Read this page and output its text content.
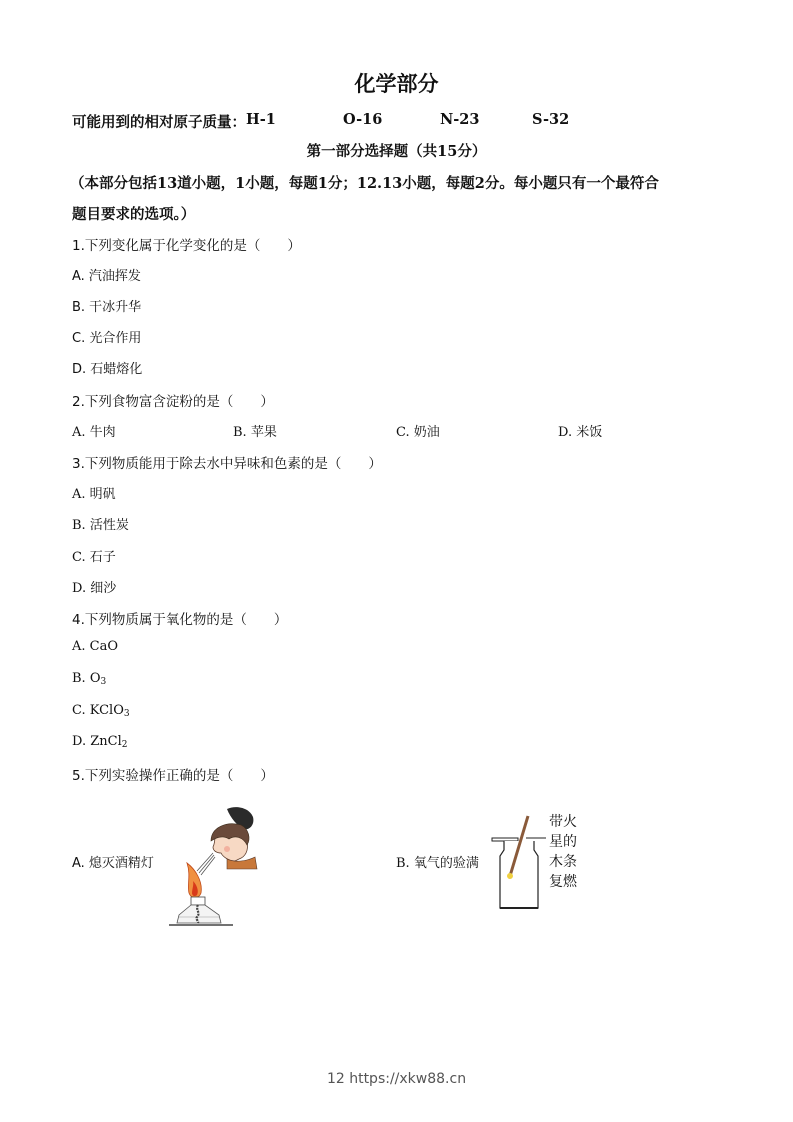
化学部分
可能用到的相对原子质量： H-1	O-16	N-23	S-32
第一部分选择题（共15分）
（本部分包括13道小题，1小题，每题1分；12.13小题，每题2分。每小题只有一个最符合
题目要求的选项。）
1.下列变化属于化学变化的是（　　）
A. 汽油挥发
B. 干冰升华
C. 光合作用
D. 石蜡熔化
2.下列食物富含淀粉的是（　　）
A. 牛肉	B. 苹果	C. 奶油	D. 米饭
3.下列物质能用于除去水中异味和色素的是（　　）
A. 明矾
B. 活性炭
C. 石子
D. 细沙
4.下列物质属于氧化物的是（　　）
A. CaO
B. $O_3$
C. KClO$_3$
D. ZnCl$_2$
5.下列实验操作正确的是（　　）
A. 熄灭酒精灯	B. 氧气的验满
带火
星的
木条
复燃
12 https://xkw88.cn
